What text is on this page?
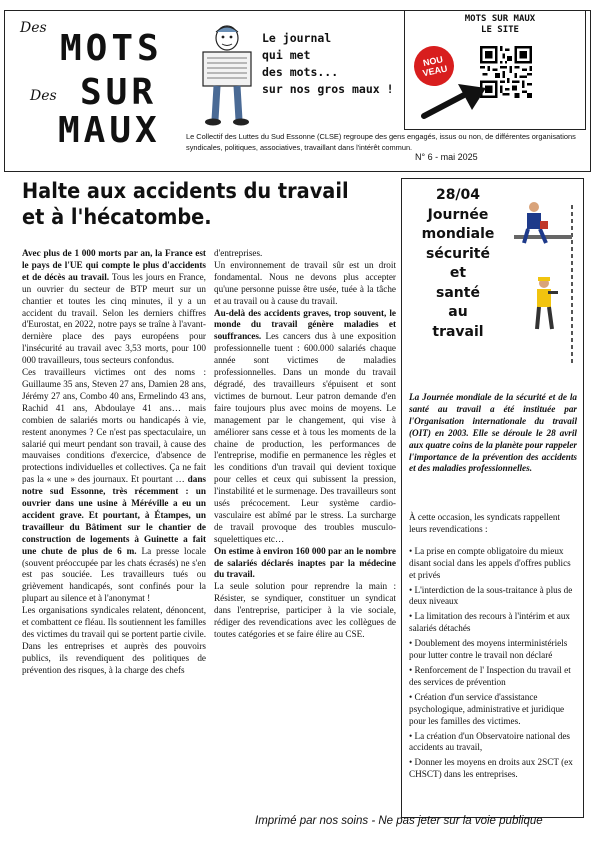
Des MOTS
Des SUR
MAUX
Le journal
qui met
des mots...
sur nos gros maux !
Le Collectif des Luttes du Sud Essonne (CLSE) regroupe des gens engagés, issus ou non, de différentes organisations syndicales, politiques, associatives, travaillant dans l'intérêt commun.
N° 6 - mai 2025
MOTS SUR MAUX
LE SITE
NOU VEAU
Halte aux accidents du travail
et à l'hécatombe.

Avec plus de 1 000 morts par an, la France est le pays de l'UE qui compte le plus d'accidents et de décès au travail. Tous les jours en France, un ouvrier du secteur de BTP meurt sur un chantier et toutes les cinq minutes, il y a un accident du travail. Selon les derniers chiffres d'Eurostat, en 2022, notre pays se traîne à l'avant-dernière place des pays européens pour l'insécurité au travail avec 3,53 morts, pour 100 000 travailleurs, tous secteurs confondus.

Ces travailleurs victimes ont des noms : Guillaume 35 ans, Steven 27 ans, Damien 28 ans, Jérémy 27 ans, Combo 40 ans, Ermelindo 43 ans, Rachid 41 ans, Abdoulaye 41 ans… mais combien de salariés morts ou handicapés à vie, restent anonymes ? Ce n'est pas spectaculaire, un salarié qui meurt pendant son travail, à cause des mauvaises conditions d'exercice, d'absence de protections individuelles et collectives. Ça ne fait pas la « une » des journaux. Et pourtant … dans notre sud Essonne, très récemment : un ouvrier dans une usine à Méréville a eu un accident grave. Et pourtant, à Étampes, un travailleur du Bâtiment sur le chantier de construction de logements à Guinette a fait une chute de plus de 6 m. La presse locale (souvent préoccupée par les chats écrasés) ne s'en est pas souciée. Les travailleurs tués ou grièvement handicapés, sont confinés pour la plupart au silence et à l'anonymat !

Les organisations syndicales relatent, dénoncent, et combattent ce fléau. Ils soutiennent les familles des victimes du travail qui se portent partie civile. Dans les entreprises et auprès des pouvoirs publics, ils revendiquent des politiques de prévention des risques, à la charge des chefs

d'entreprises.

Un environnement de travail sûr est un droit fondamental. Nous ne devons plus accepter qu'une personne puisse être usée, tuée à la tâche et au travail ou à cause du travail.

Au-delà des accidents graves, trop souvent, le monde du travail génère maladies et souffrances. Les cancers dus à une exposition professionnelle tuent : 600.000 salariés chaque année sont victimes de maladies professionnelles. Dans un monde du travail dégradé, des travailleurs s'épuisent et sont victimes de burnout. Leur patron demande d'en faire toujours plus avec moins de moyens. Le management par le changement, qui vise à améliorer sans cesse et à tous les moments de la chaine de production, les performances de l'entreprise, modifie en permanence les règles et les conditions d'un travail qui devient toxique pour celles et ceux qui subissent la pression, l'instabilité et le surmenage. Des travailleurs sont usés précocement. Leur système cardio-vasculaire est abîmé par le stress. La surcharge de travail provoque des troubles musculo-squelettiques etc…

On estime à environ 160 000 par an le nombre de salariés déclarés inaptes par la médecine du travail.

La seule solution pour reprendre la main : Résister, se syndiquer, constituer un syndicat dans l'entreprise, participer à la vie sociale, rédiger des revendications avec les collègues de toutes catégories et se faire élire au CSE.

28/04
Journée
mondiale
sécurité
et
santé
au
travail
La Journée mondiale de la sécurité et de la santé au travail a été instituée par l'Organisation internationale du travail (OIT) en 2003. Elle se déroule le 28 avril aux quatre coins de la planète pour rappeler l'importance de la prévention des accidents et des maladies professionnelles.
À cette occasion, les syndicats rappellent leurs revendications :
• La prise en compte obligatoire du mieux disant social dans les appels d'offres publics et privés
• L'interdiction de la sous-traitance à plus de deux niveaux
• La limitation des recours à l'intérim et aux salariés détachés
• Doublement des moyens interministériels pour lutter contre le travail non déclaré
• Renforcement de l' Inspection du travail et des services de prévention
• Création d'un service d'assistance psychologique, administrative et juridique pour les familles des victimes.
• La création d'un Observatoire national des accidents au travail,
• Donner les moyens en droits aux 2SCT (ex CHSCT) dans les entreprises.
Imprimé par nos soins - Ne pas jeter sur la voie publique
